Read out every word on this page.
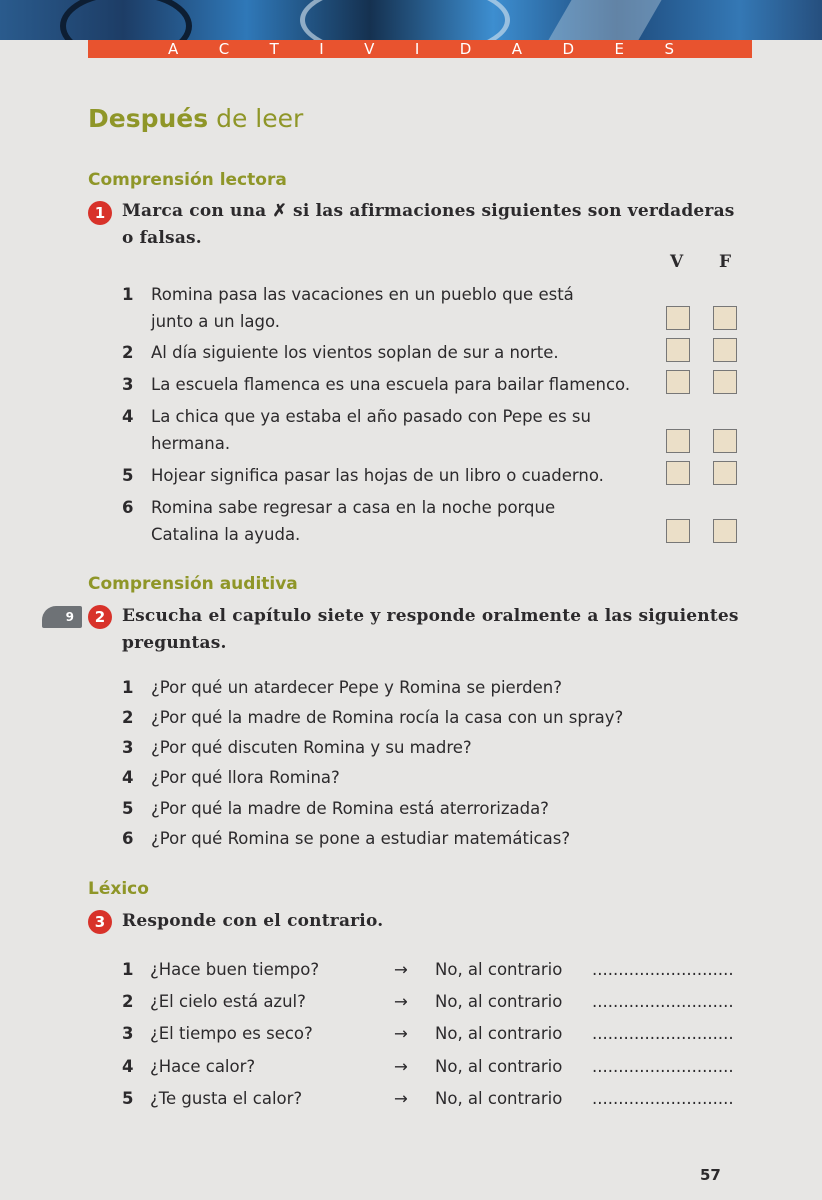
A	C	T	I	V	I	D	A	D	E	S
Después de leer
Comprensión lectora
1 Marca con una ✗ si las afirmaciones siguientes son verdaderas o falsas.

V F
1 Romina pasa las vacaciones en un pueblo que está junto a un lago.
2 Al día siguiente los vientos soplan de sur a norte.
3 La escuela flamenca es una escuela para bailar flamenco.
4 La chica que ya estaba el año pasado con Pepe es su hermana.
5 Hojear significa pasar las hojas de un libro o cuaderno.
6 Romina sabe regresar a casa en la noche porque Catalina la ayuda.
Comprensión auditiva
9	2 Escucha el capítulo siete y responde oralmente a las siguientes preguntas.

1 ¿Por qué un atardecer Pepe y Romina se pierden?
2 ¿Por qué la madre de Romina rocía la casa con un spray?
3 ¿Por qué discuten Romina y su madre?
4 ¿Por qué llora Romina?
5 ¿Por qué la madre de Romina está aterrorizada?
6 ¿Por qué Romina se pone a estudiar matemáticas?
Léxico
3 Responde con el contrario.

1 ¿Hace buen tiempo?	→ No, al contrario ...........................
2 ¿El cielo está azul?	→ No, al contrario ...........................
3 ¿El tiempo es seco?	→ No, al contrario ...........................
4 ¿Hace calor?	→ No, al contrario ...........................
5 ¿Te gusta el calor?	→ No, al contrario ...........................
57
